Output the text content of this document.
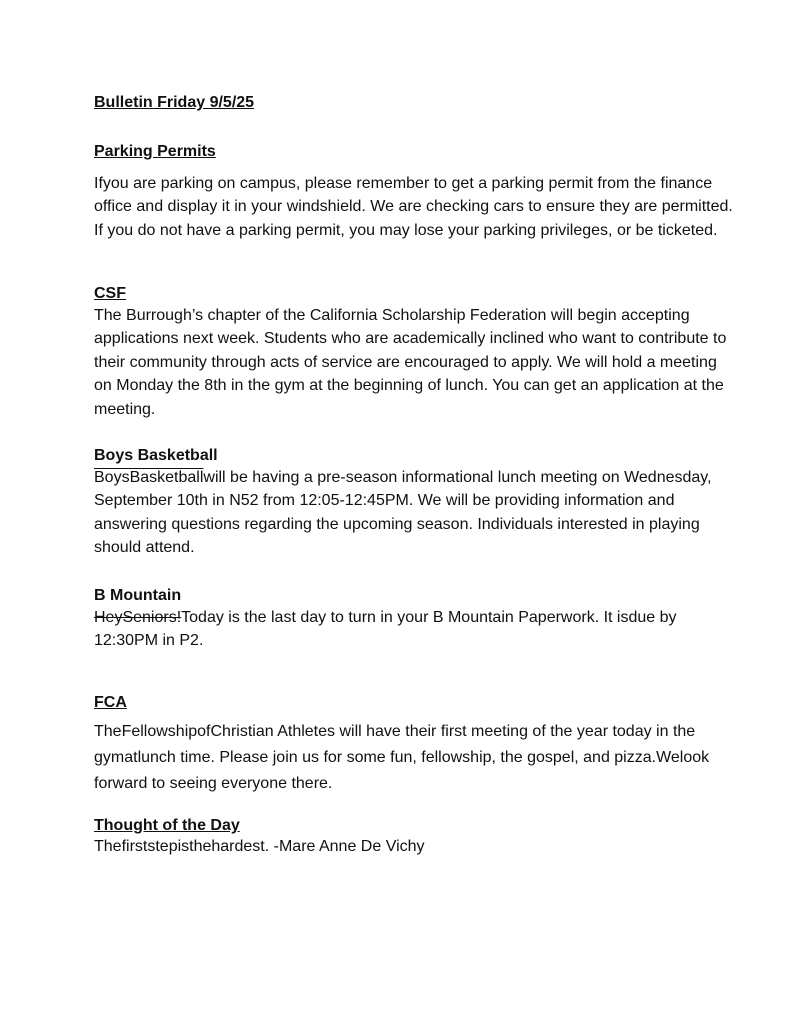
Bulletin Friday 9/5/25

Parking Permits

Ifyou are parking on campus, please remember to get a parking permit from the finance office and display it in your windshield. We are checking cars to ensure they are permitted. If you do not have a parking permit, you may lose your parking privileges, or be ticketed.

CSF

The Burrough’s chapter of the California Scholarship Federation will begin accepting applications next week. Students who are academically inclined who want to contribute to their community through acts of service are encouraged to apply. We will hold a meeting on Monday the 8th in the gym at the beginning of lunch. You can get an application at the meeting.

Boys Basketball

BoysBasketballwill be having a pre-season informational lunch meeting on Wednesday, September 10th in N52 from 12:05-12:45PM. We will be providing information and answering questions regarding the upcoming season. Individuals interested in playing should attend.

B Mountain

HeySeniors!Today is the last day to turn in your B Mountain Paperwork. It isdue by 12:30PM in P2.

FCA

TheFellowshipofChristian Athletes will have their first meeting of the year today in the gymatlunch time. Please join us for some fun, fellowship, the gospel, and pizza.Welook forward to seeing everyone there.

Thought of the Day

Thefirststepisthehardest. -Mare Anne De Vichy
